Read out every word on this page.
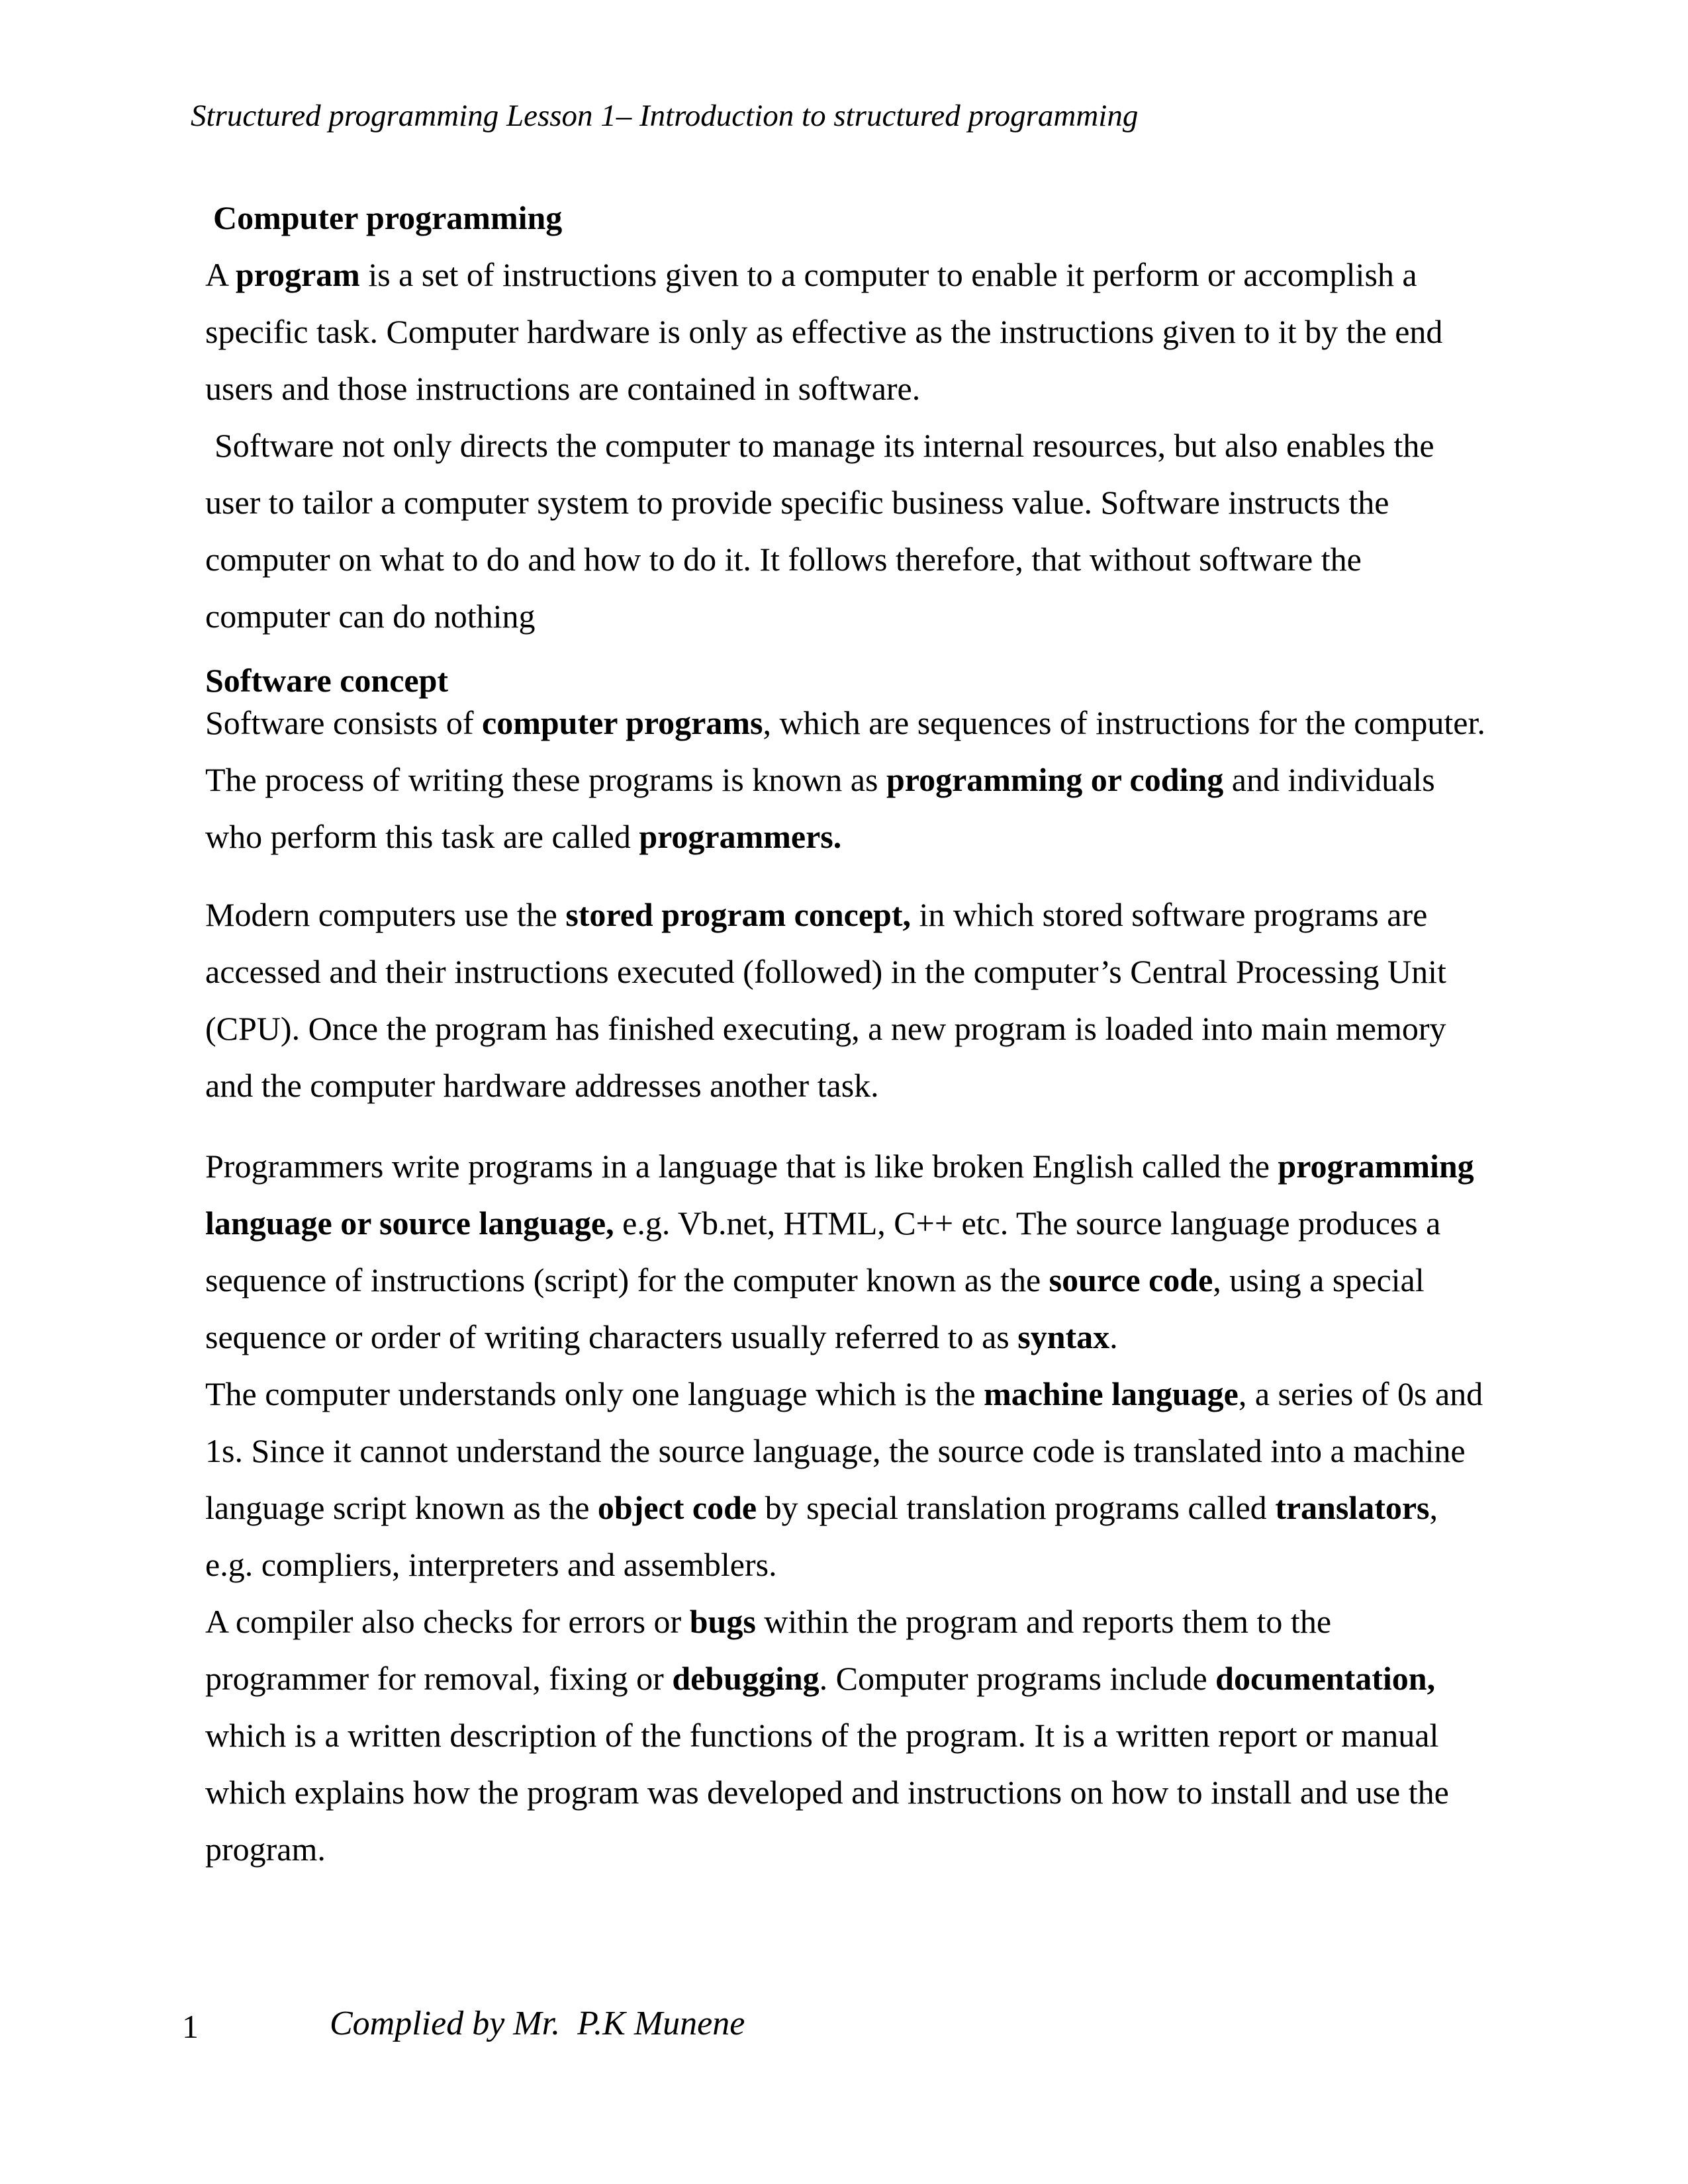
Structured programming Lesson 1– Introduction to structured programming

Computer programming

A program is a set of instructions given to a computer to enable it perform or accomplish a specific task. Computer hardware is only as effective as the instructions given to it by the end users and those instructions are contained in software.

Software not only directs the computer to manage its internal resources, but also enables the user to tailor a computer system to provide specific business value. Software instructs the computer on what to do and how to do it. It follows therefore, that without software the computer can do nothing

Software concept

Software consists of computer programs, which are sequences of instructions for the computer. The process of writing these programs is known as programming or coding and individuals who perform this task are called programmers.

Modern computers use the stored program concept, in which stored software programs are accessed and their instructions executed (followed) in the computer’s Central Processing Unit (CPU). Once the program has finished executing, a new program is loaded into main memory and the computer hardware addresses another task.

Programmers write programs in a language that is like broken English called the programming language or source language, e.g. Vb.net, HTML, C++ etc. The source language produces a sequence of instructions (script) for the computer known as the source code, using a special sequence or order of writing characters usually referred to as syntax.

The computer understands only one language which is the machine language, a series of 0s and 1s. Since it cannot understand the source language, the source code is translated into a machine language script known as the object code by special translation programs called translators, e.g. compliers, interpreters and assemblers.

A compiler also checks for errors or bugs within the program and reports them to the programmer for removal, fixing or debugging. Computer programs include documentation, which is a written description of the functions of the program. It is a written report or manual which explains how the program was developed and instructions on how to install and use the program.

1	Complied by Mr.  P.K Munene
